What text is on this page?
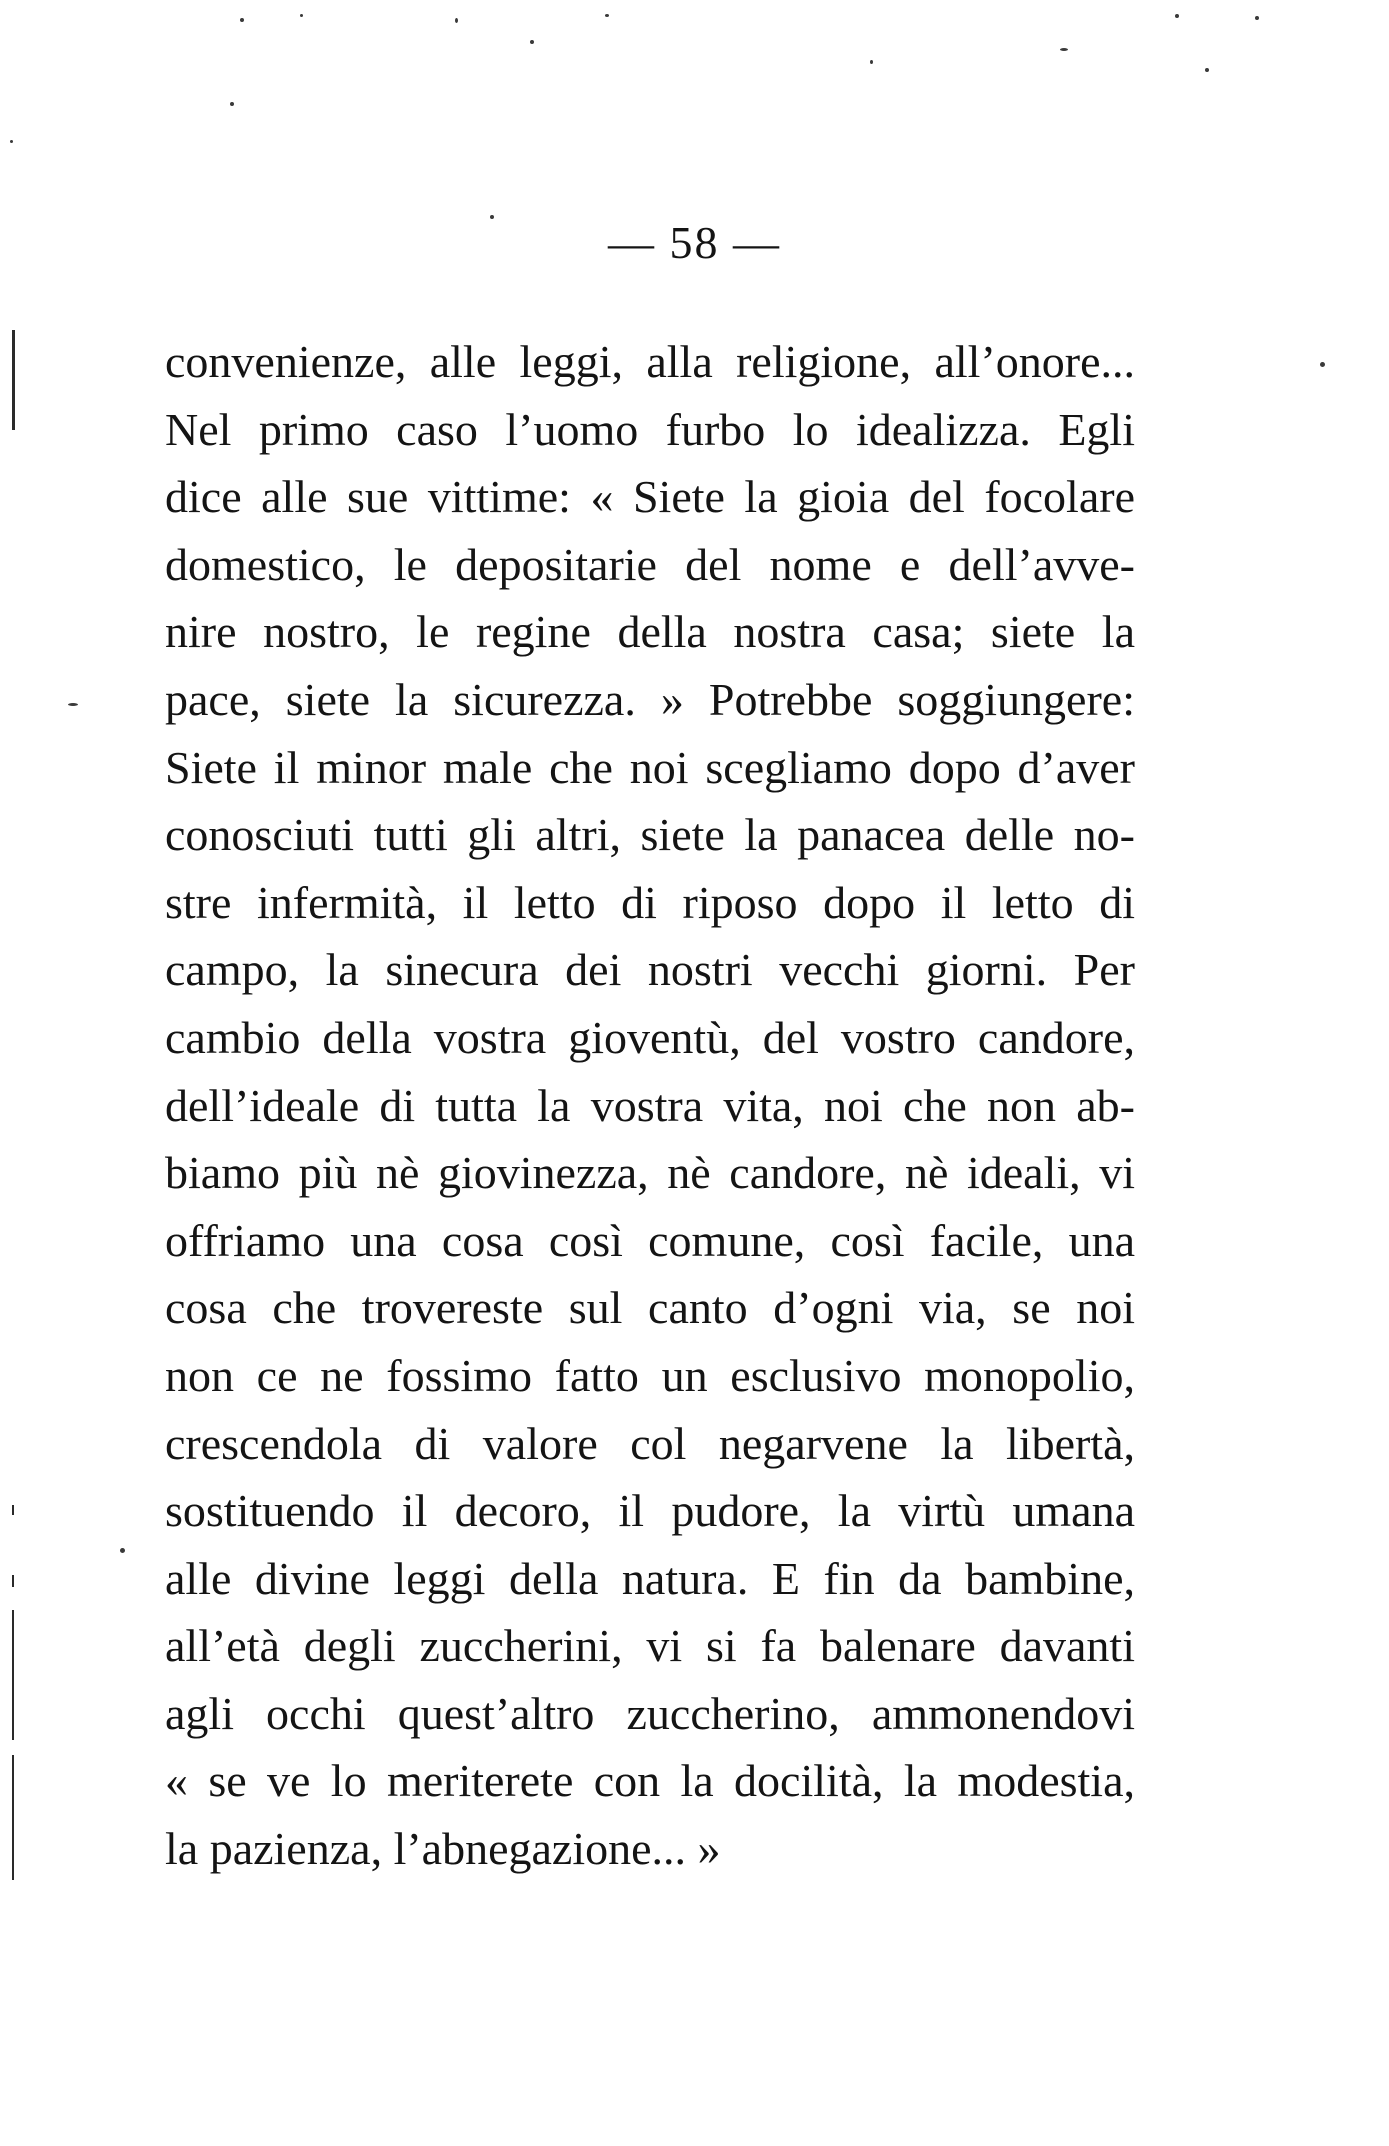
— 58 —
convenienze, alle leggi, alla religione, all’onore...
Nel primo caso l’uomo furbo lo idealizza. Egli
dice alle sue vittime: « Siete la gioia del focolare
domestico, le depositarie del nome e dell’avve-
nire nostro, le regine della nostra casa; siete la
pace, siete la sicurezza. » Potrebbe soggiungere:
Siete il minor male che noi scegliamo dopo d’aver
conosciuti tutti gli altri, siete la panacea delle no-
stre infermità, il letto di riposo dopo il letto di
campo, la sinecura dei nostri vecchi giorni. Per
cambio della vostra gioventù, del vostro candore,
dell’ideale di tutta la vostra vita, noi che non ab-
biamo più nè giovinezza, nè candore, nè ideali, vi
offriamo una cosa così comune, così facile, una
cosa che trovereste sul canto d’ogni via, se noi
non ce ne fossimo fatto un esclusivo monopolio,
crescendola di valore col negarvene la libertà,
sostituendo il decoro, il pudore, la virtù umana
alle divine leggi della natura. E fin da bambine,
all’età degli zuccherini, vi si fa balenare davanti
agli occhi quest’altro zuccherino, ammonendovi
« se ve lo meriterete con la docilità, la modestia,
la pazienza, l’abnegazione... »
